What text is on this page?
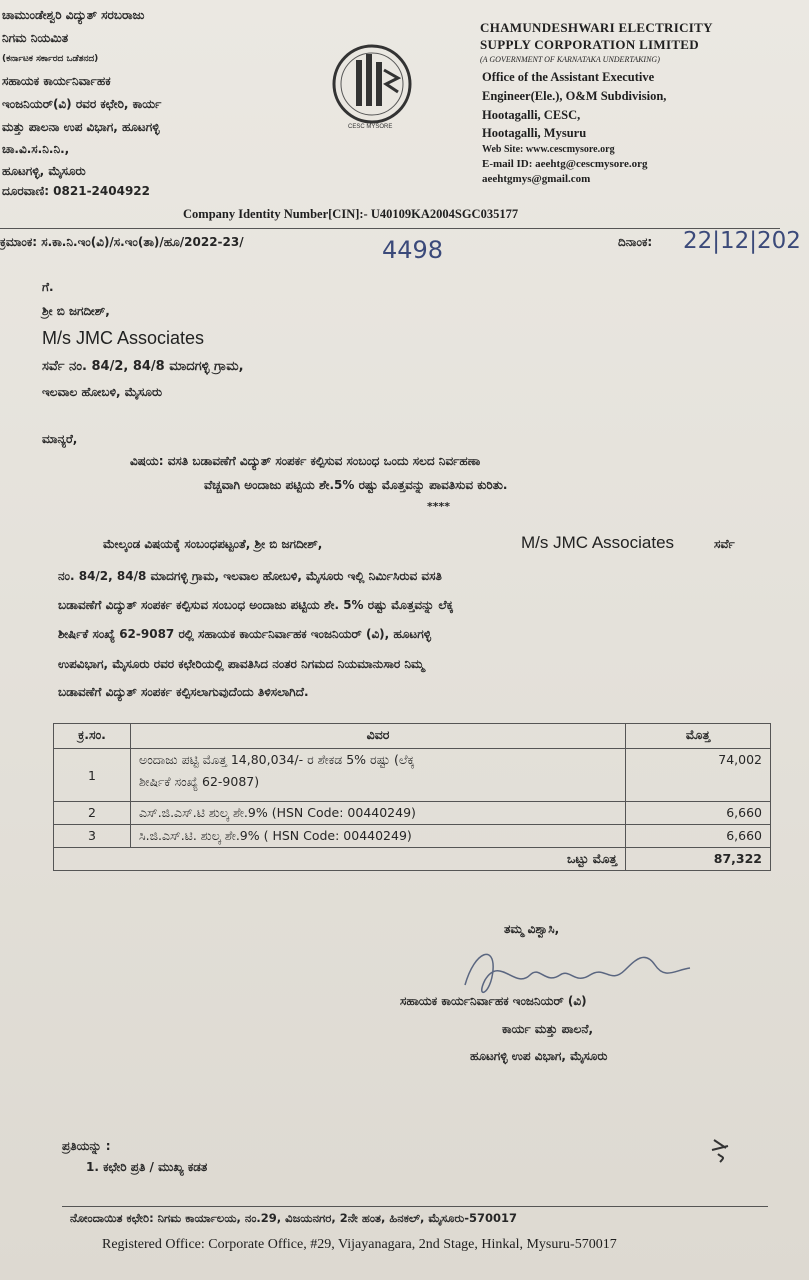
ಚಾಮುಂಡೇಶ್ವರಿ ವಿದ್ಯುತ್ ಸರಬರಾಜು
ನಿಗಮ ನಿಯಮಿತ
(ಕರ್ನಾಟಕ ಸರ್ಕಾರದ ಒಡೆತನದ)
ಸಹಾಯಕ ಕಾರ್ಯನಿರ್ವಾಹಕ
ಇಂಜನಿಯರ್(ವಿ) ರವರ ಕಛೇರಿ, ಕಾರ್ಯ
ಮತ್ತು ಪಾಲನಾ ಉಪ ವಿಭಾಗ, ಹೂಟಗಳ್ಳಿ
ಚಾ.ವಿ.ಸ.ನಿ.ನಿ.,
ಹೂಟಗಳ್ಳಿ, ಮೈಸೂರು
ದೂರವಾಣಿ: 0821-2404922
CESC MYSORE
CHAMUNDESHWARI ELECTRICITY
SUPPLY CORPORATION LIMITED
(A GOVERNMENT OF KARNATAKA UNDERTAKING)
Office of the Assistant Executive
Engineer(Ele.), O&M Subdivision,
Hootagalli, CESC,
Hootagalli, Mysuru
Web Site: www.cescmysore.org
E-mail ID: aeehtg@cescmysore.org
aeehtgmys@gmail.com
Company Identity Number[CIN]:- U40109KA2004SGC035177
ಕ್ರಮಾಂಕ: ಸ.ಕಾ.ನಿ.ಇಂ(ವಿ)/ಸ.ಇಂ(ತಾ)/ಹೂ/2022-23/	4498	ದಿನಾಂಕ: 22|12|202
ಗೆ.
ಶ್ರೀ ಬಿ ಜಗದೀಶ್,
M/s JMC Associates
ಸರ್ವೆ ನಂ. 84/2, 84/8 ಮಾದಗಳ್ಳಿ ಗ್ರಾಮ,
ಇಲವಾಲ ಹೋಬಳಿ, ಮೈಸೂರು
ಮಾನ್ಯರೆ,
ವಿಷಯ: ವಸತಿ ಬಡಾವಣೆಗೆ ವಿದ್ಯುತ್ ಸಂಪರ್ಕ ಕಲ್ಪಿಸುವ ಸಂಬಂಧ ಒಂದು ಸಲದ ನಿರ್ವಹಣಾ
ವೆಚ್ಚವಾಗಿ ಅಂದಾಜು ಪಟ್ಟಿಯ ಶೇ.5% ರಷ್ಟು ಮೊತ್ತವನ್ನು ಪಾವತಿಸುವ ಕುರಿತು.
****
ಮೇಲ್ಕಂಡ ವಿಷಯಕ್ಕೆ ಸಂಬಂಧಪಟ್ಟಂತೆ, ಶ್ರೀ ಬಿ ಜಗದೀಶ್,	M/s JMC Associates	ಸರ್ವೆ
ನಂ. 84/2, 84/8 ಮಾದಗಳ್ಳಿ ಗ್ರಾಮ, ಇಲವಾಲ ಹೋಬಳಿ, ಮೈಸೂರು ಇಲ್ಲಿ ನಿರ್ಮಿಸಿರುವ ವಸತಿ
ಬಡಾವಣೆಗೆ ವಿದ್ಯುತ್ ಸಂಪರ್ಕ ಕಲ್ಪಿಸುವ ಸಂಬಂಧ ಅಂದಾಜು ಪಟ್ಟಿಯ ಶೇ. 5% ರಷ್ಟು ಮೊತ್ತವನ್ನು ಲೆಕ್ಕ
ಶೀರ್ಷಿಕೆ ಸಂಖ್ಯೆ 62-9087 ರಲ್ಲಿ ಸಹಾಯಕ ಕಾರ್ಯನಿರ್ವಾಹಕ ಇಂಜನಿಯರ್ (ವಿ), ಹೂಟಗಳ್ಳಿ
ಉಪವಿಭಾಗ, ಮೈಸೂರು ರವರ ಕಛೇರಿಯಲ್ಲಿ ಪಾವತಿಸಿದ ನಂತರ ನಿಗಮದ ನಿಯಮಾನುಸಾರ ನಿಮ್ಮ
ಬಡಾವಣೆಗೆ ವಿದ್ಯುತ್ ಸಂಪರ್ಕ ಕಲ್ಪಿಸಲಾಗುವುದೆಂದು ತಿಳಿಸಲಾಗಿದೆ.
ಕ್ರ.ಸಂ.	ವಿವರ	ಮೊತ್ತ
1	ಅಂದಾಜು ಪಟ್ಟಿ ಮೊತ್ತ 14,80,034/- ರ ಶೇಕಡ 5% ರಷ್ಟು (ಲೆಕ್ಕ
ಶೀರ್ಷಿಕೆ ಸಂಖ್ಯೆ 62-9087)	74,002
2	ಎಸ್.ಜಿ.ಎಸ್.ಟಿ ಶುಲ್ಕ ಶೇ.9% (HSN Code: 00440249)	6,660
3	ಸಿ.ಜಿ.ಎಸ್.ಟಿ. ಶುಲ್ಕ ಶೇ.9% ( HSN Code: 00440249)	6,660
ಒಟ್ಟು ಮೊತ್ತ		87,322
ತಮ್ಮ ವಿಶ್ವಾಸಿ,
ಸಹಾಯಕ ಕಾರ್ಯನಿರ್ವಾಹಕ ಇಂಜನಿಯರ್ (ವಿ)
ಕಾರ್ಯ ಮತ್ತು ಪಾಲನೆ,
ಹೂಟಗಳ್ಳಿ ಉಪ ವಿಭಾಗ, ಮೈಸೂರು
ಪ್ರತಿಯನ್ನು :
1. ಕಛೇರಿ ಪ್ರತಿ / ಮುಖ್ಯ ಕಡತ
ನೋಂದಾಯಿತ ಕಛೇರಿ: ನಿಗಮ ಕಾರ್ಯಾಲಯ, ನಂ.29, ವಿಜಯನಗರ, 2ನೇ ಹಂತ, ಹಿನಕಲ್, ಮೈಸೂರು-570017
Registered Office: Corporate Office, #29, Vijayanagara, 2nd Stage, Hinkal, Mysuru-570017
